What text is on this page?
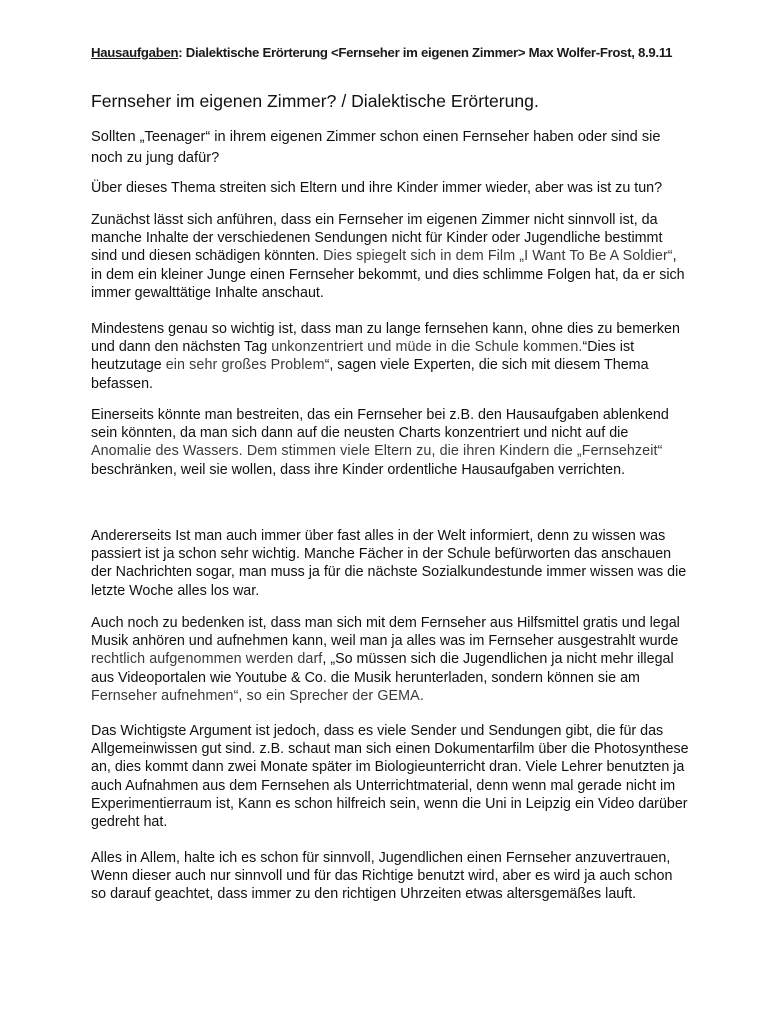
Hausaufgaben: Dialektische Erörterung <Fernseher im eigenen Zimmer> Max Wolfer-Frost, 8.9.11
Fernseher im eigenen Zimmer? / Dialektische Erörterung.
Sollten „Teenager“ in ihrem eigenen Zimmer schon einen Fernseher haben oder sind sie noch zu jung dafür?
Über dieses Thema streiten sich Eltern und ihre Kinder immer wieder, aber was ist zu tun?
Zunächst lässt sich anführen, dass ein Fernseher im eigenen Zimmer nicht sinnvoll ist, da manche Inhalte der verschiedenen Sendungen nicht für Kinder oder Jugendliche bestimmt sind und diesen schädigen könnten. Dies spiegelt sich in dem Film „I Want To Be A Soldier“, in dem ein kleiner Junge einen Fernseher bekommt, und dies schlimme Folgen hat, da er sich immer gewalttätige Inhalte anschaut.
Mindestens genau so wichtig ist, dass man zu lange fernsehen kann, ohne dies zu bemerken und dann den nächsten Tag unkonzentriert und müde in die Schule kommen.“Dies ist heutzutage ein sehr großes Problem“, sagen viele Experten, die sich mit diesem Thema befassen.
Einerseits könnte man bestreiten, das ein Fernseher bei z.B. den Hausaufgaben ablenkend sein könnten, da man sich dann auf die neusten Charts konzentriert und nicht auf die Anomalie des Wassers. Dem stimmen viele Eltern zu, die ihren Kindern die „Fernsehzeit“ beschränken, weil sie wollen, dass ihre Kinder ordentliche Hausaufgaben verrichten.
Andererseits Ist man auch immer über fast alles in der Welt informiert, denn zu wissen was passiert ist ja schon sehr wichtig. Manche Fächer in der Schule befürworten das anschauen der Nachrichten sogar, man muss ja für die nächste Sozialkundestunde immer wissen was die letzte Woche alles los war.
Auch noch zu bedenken ist, dass man sich mit dem Fernseher aus Hilfsmittel gratis und legal Musik anhören und aufnehmen kann, weil man ja alles was im Fernseher ausgestrahlt wurde rechtlich aufgenommen werden darf, „So müssen sich die Jugendlichen ja nicht mehr illegal aus Videoportalen wie Youtube & Co. die Musik herunterladen, sondern können sie am Fernseher aufnehmen“, so ein Sprecher der GEMA.
Das Wichtigste Argument ist jedoch, dass es viele Sender und Sendungen gibt, die für das Allgemeinwissen gut sind. z.B. schaut man sich einen Dokumentarfilm über die Photosynthese an, dies kommt dann zwei Monate später im Biologieunterricht dran. Viele Lehrer benutzten ja auch Aufnahmen aus dem Fernsehen als Unterrichtmaterial, denn wenn mal gerade nicht im Experimentierraum ist, Kann es schon hilfreich sein, wenn die Uni in Leipzig ein Video darüber gedreht hat.
Alles in Allem, halte ich es schon für sinnvoll, Jugendlichen einen Fernseher anzuvertrauen, Wenn dieser auch nur sinnvoll und für das Richtige benutzt wird, aber es wird ja auch schon so darauf geachtet, dass immer zu den richtigen Uhrzeiten etwas altersgemäßes lauft.
